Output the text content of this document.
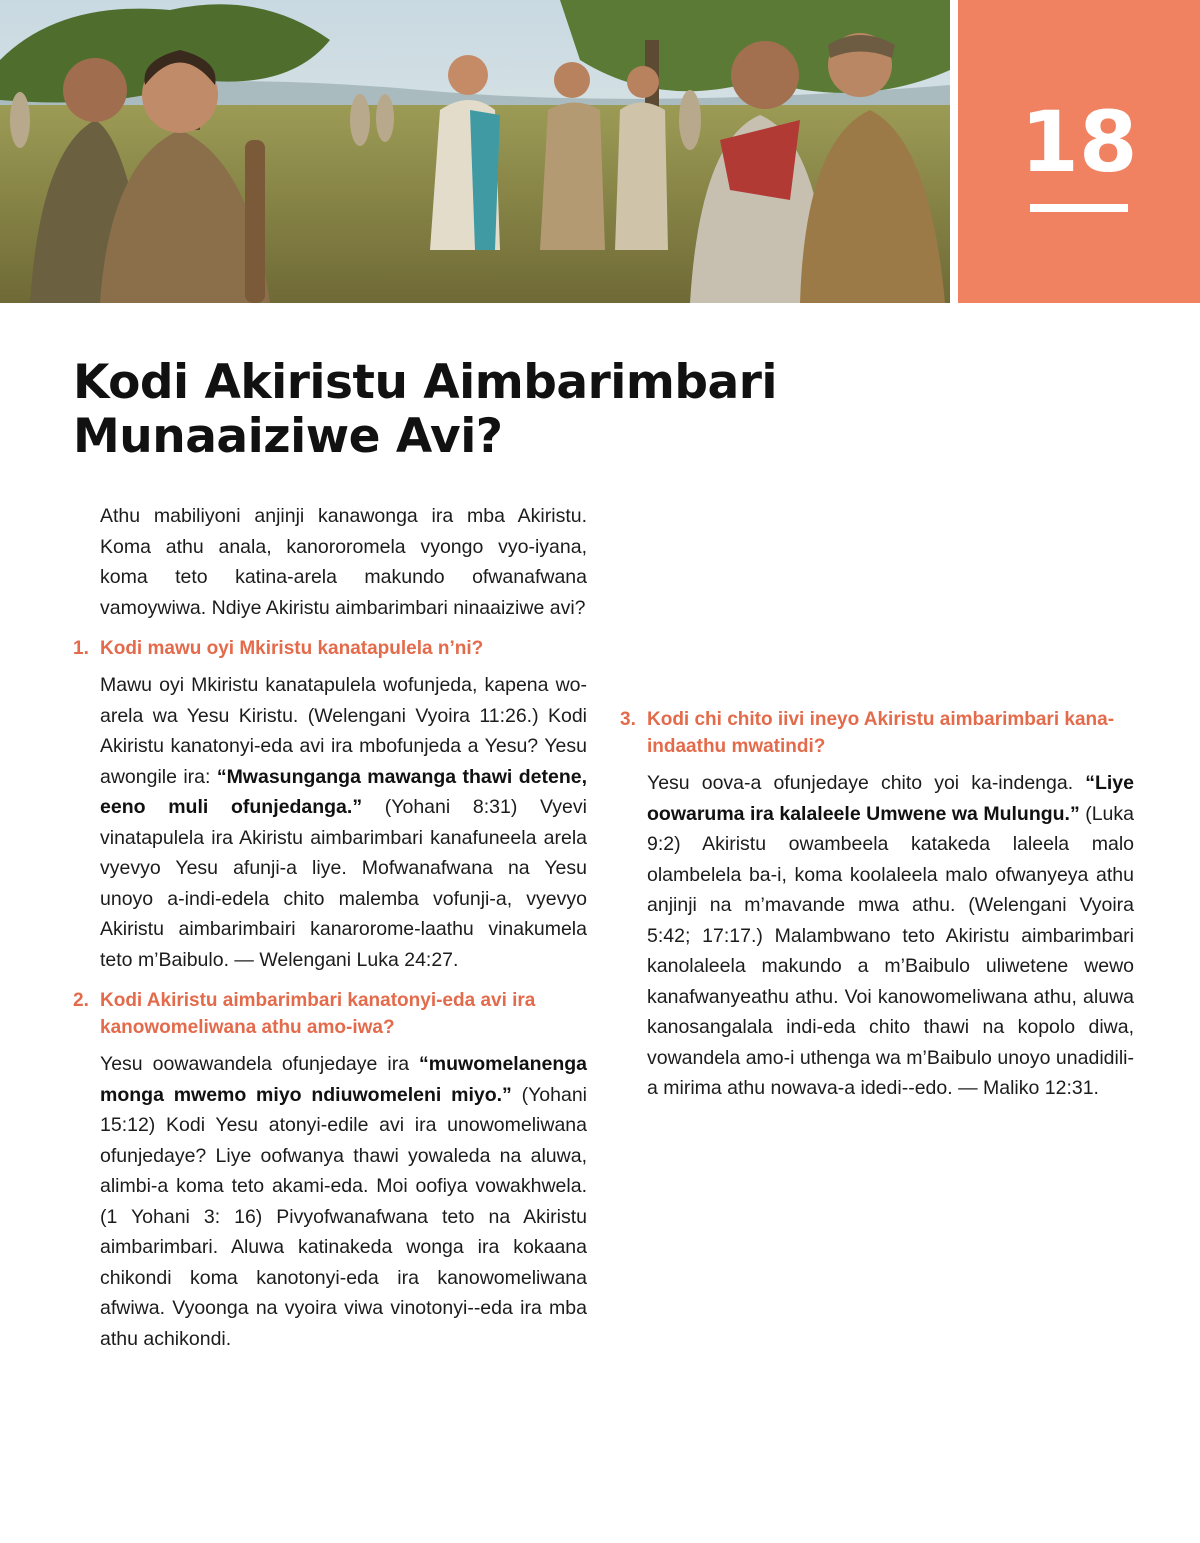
18
Kodi Akiristu Aimbarimbari
Munaaiziwe Avi?

Athu mabiliyoni anjinji kanawonga ira mba Akiristu. Koma athu anala, kanororomela vyongo vyo-iyana, koma teto katina-arela makundo ofwanafwana vamoywiwa. Ndiye Akiristu aimbarimbari ninaaiziwe avi?

1. Kodi mawu oyi Mkiristu kanatapulela n’ni?

Mawu oyi Mkiristu kanatapulela wofunjeda, kapena wo-arela wa Yesu Kiristu. (Welengani Vyoira 11:26.) Kodi Akiristu kanatonyi-eda avi ira mbofunjeda a Yesu? Yesu awongile ira: “Mwasunganga mawanga thawi detene, eeno muli ofunjedanga.” (Yohani 8:31) Vyevi vinatapulela ira Akiristu aimbarimbari kanafuneela arela vyevyo Yesu afunji-a liye. Mofwanafwana na Yesu unoyo a-indi-edela chito malemba vofunji-a, vyevyo Akiristu aimbarimbairi kanarorome-laathu vinakumela teto m’Baibulo. — Welengani Luka 24:27.

2. Kodi Akiristu aimbarimbari kanatonyi-eda avi ira kanowomeliwana athu amo-iwa?

Yesu oowawandela ofunjedaye ira “muwomelanenga monga mwemo miyo ndiuwomeleni miyo.” (Yohani 15:12) Kodi Yesu atonyi-edile avi ira unowomeliwana ofunjedaye? Liye oofwanya thawi yowaleda na aluwa, alimbi-a koma teto akami-eda. Moi oofiya vowakhwela. (1 Yohani 3: 16) Pivyofwanafwana teto na Akiristu aimbarimbari. Aluwa katinakeda wonga ira kokaana chikondi koma kanotonyi-eda ira kanowomeliwana afwiwa. Vyoonga na vyoira viwa vinotonyi--eda ira mba athu achikondi.

3. Kodi chi chito iivi ineyo Akiristu aimbarimbari kana-indaathu mwatindi?

Yesu oova-a ofunjedaye chito yoi ka-indenga. “Liye oowaruma ira kalaleele Umwene wa Mulungu.” (Luka 9:2) Akiristu owambeela katakeda laleela malo olambelela ba-i, koma koolaleela malo ofwanyeya athu anjinji na m’mavande mwa athu. (Welengani Vyoira 5:42; 17:17.) Malambwano teto Akiristu aimbarimbari kanolaleela makundo a m’Baibulo uliwetene wewo kanafwanyeathu athu. Voi kanowomeliwana athu, aluwa kanosangalala indi-eda chito thawi na kopolo diwa, vowandela amo-i uthenga wa m’Baibulo unoyo unadidili-a mirima athu nowava-a idedi--edo. — Maliko 12:31.
